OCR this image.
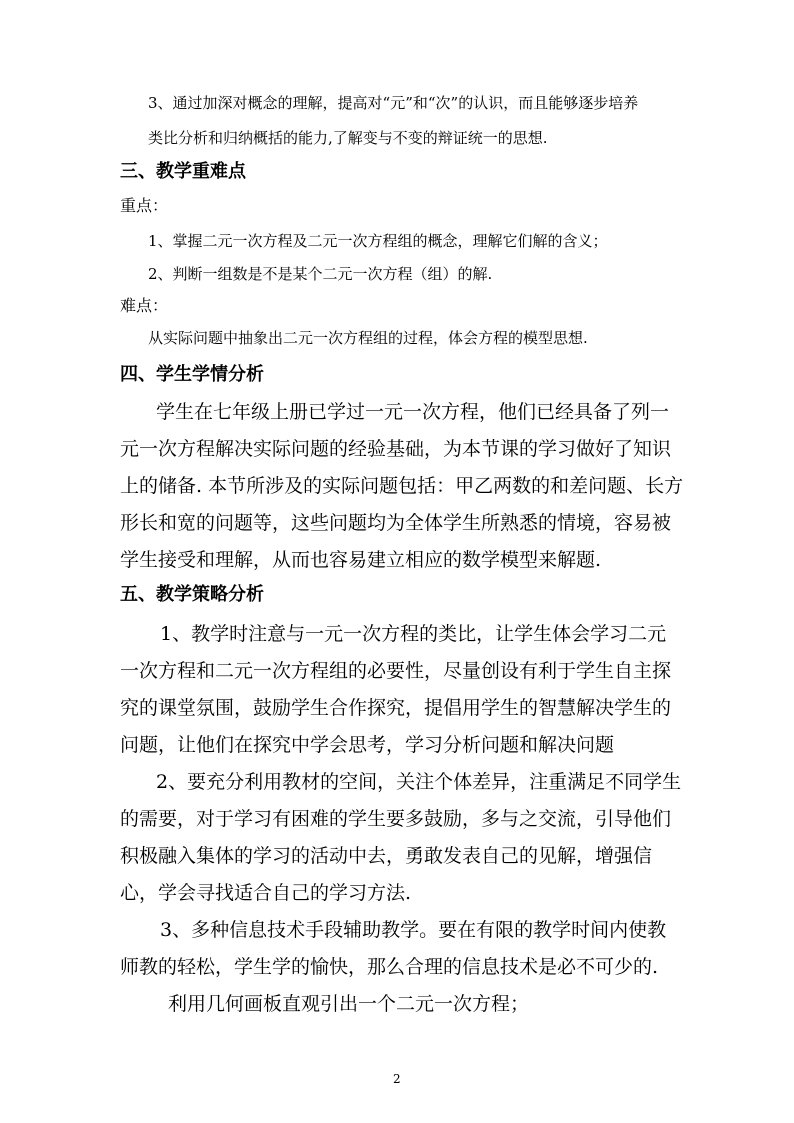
3、通过加深对概念的理解，提高对“元”和“次”的认识，而且能够逐步培养

类比分析和归纳概括的能力,了解变与不变的辩证统一的思想.

三、教学重难点

重点：

1、掌握二元一次方程及二元一次方程组的概念，理解它们解的含义；

2、判断一组数是不是某个二元一次方程（组）的解.

难点：

从实际问题中抽象出二元一次方程组的过程，体会方程的模型思想.

四、学生学情分析

学生在七年级上册已学过一元一次方程，他们已经具备了列一

元一次方程解决实际问题的经验基础，为本节课的学习做好了知识

上的储备. 本节所涉及的实际问题包括：甲乙两数的和差问题、长方

形长和宽的问题等，这些问题均为全体学生所熟悉的情境，容易被

学生接受和理解，从而也容易建立相应的数学模型来解题.

五、教学策略分析

1、教学时注意与一元一次方程的类比，让学生体会学习二元

一次方程和二元一次方程组的必要性，尽量创设有利于学生自主探

究的课堂氛围，鼓励学生合作探究，提倡用学生的智慧解决学生的

问题，让他们在探究中学会思考，学习分析问题和解决问题

2、要充分利用教材的空间，关注个体差异，注重满足不同学生

的需要，对于学习有困难的学生要多鼓励，多与之交流，引导他们

积极融入集体的学习的活动中去，勇敢发表自己的见解，增强信

心，学会寻找适合自己的学习方法.

3、多种信息技术手段辅助教学。要在有限的教学时间内使教

师教的轻松，学生学的愉快，那么合理的信息技术是必不可少的.

利用几何画板直观引出一个二元一次方程；

2
